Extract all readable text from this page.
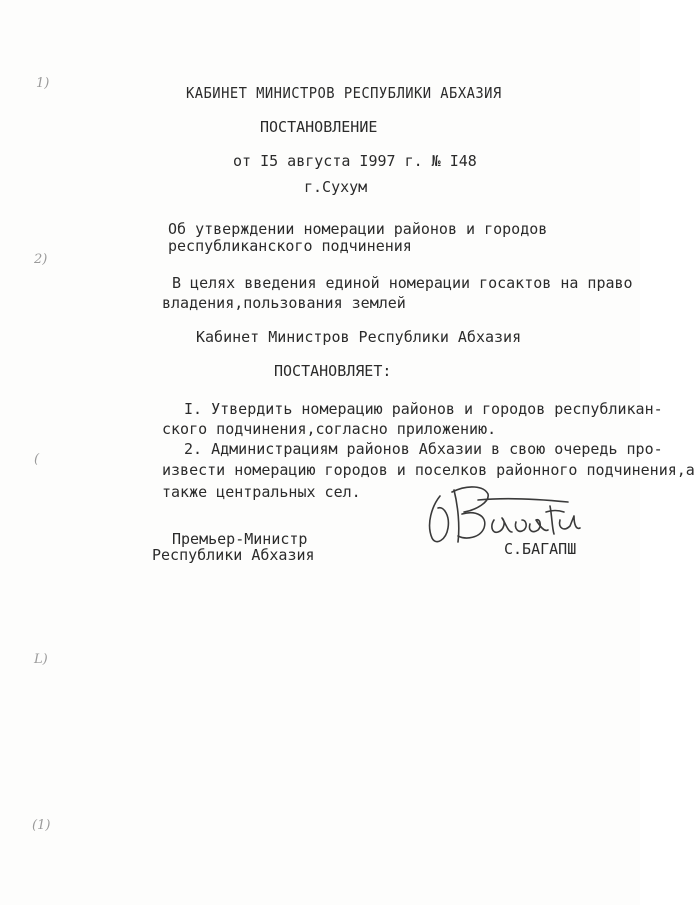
1)
2)
(
L)
(1)
КАБИНЕТ МИНИСТРОВ РЕСПУБЛИКИ АБХАЗИЯ
ПОСТАНОВЛЕНИЕ
от I5 августа I997 г. № I48
г.Сухум
Об утверждении номерации районов и городов
республиканского подчинения
В целях введения единой номерации госактов на право
владения,пользования землей
Кабинет Министров Республики Абхазия
ПОСТАНОВЛЯЕТ:
I. Утвердить номерацию районов и городов республикан-
ского подчинения,согласно приложению.
2. Администрациям районов Абхазии в свою очередь про-
извести номерацию городов и поселков районного подчинения,а
также центральных сел.
Премьер-Министр
Республики Абхазия	С.БАГАПШ
